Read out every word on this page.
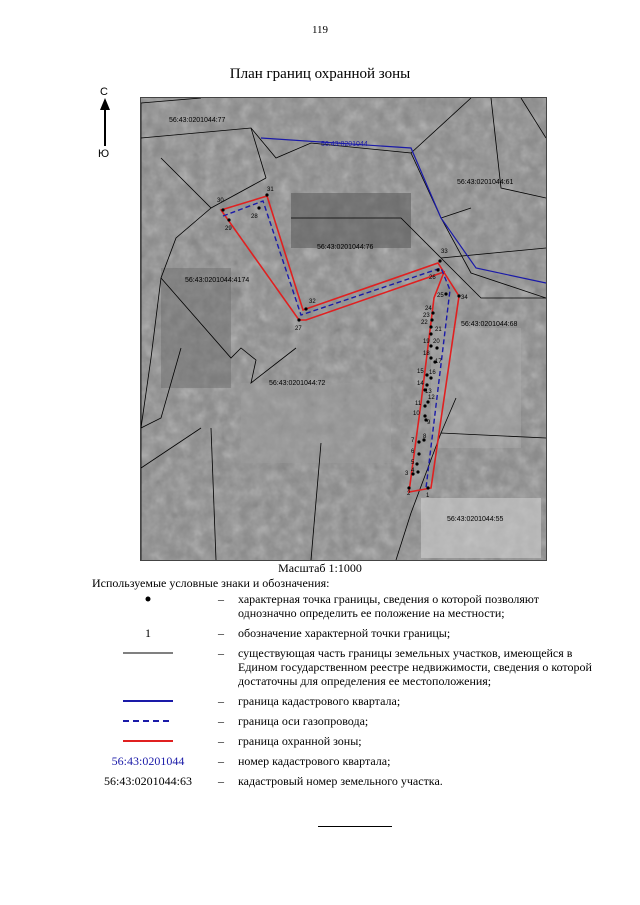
119
План границ охранной зоны
С
Ю
30
31
28
29
33
26
25	34
32
27
24
23
22
21
19 20
18
17
15 16
13
14
11
12
10
9
7
8
6
5
3 4
2	1
56:43:0201044
56:43:0201044:77
56:43:0201044:61
56:43:0201044:76
56:43:0201044:4174
56:43:0201044:68
56:43:0201044:72
56:43:0201044:55
Масштаб 1:1000
Используемые условные знаки и обозначения:
–	характерная точка границы, сведения о которой позволяют однозначно определить ее положение на местности;
1	–	обозначение характерной точки границы;
–	существующая часть границы земельных участков, имеющейся в Едином государственном реестре недвижимости, сведения о которой достаточны для определения ее местоположения;
–	граница кадастрового квартала;
–	граница оси газопровода;
–	граница охранной зоны;
56:43:0201044	–	номер кадастрового квартала;
56:43:0201044:63	–	кадастровый номер земельного участка.
